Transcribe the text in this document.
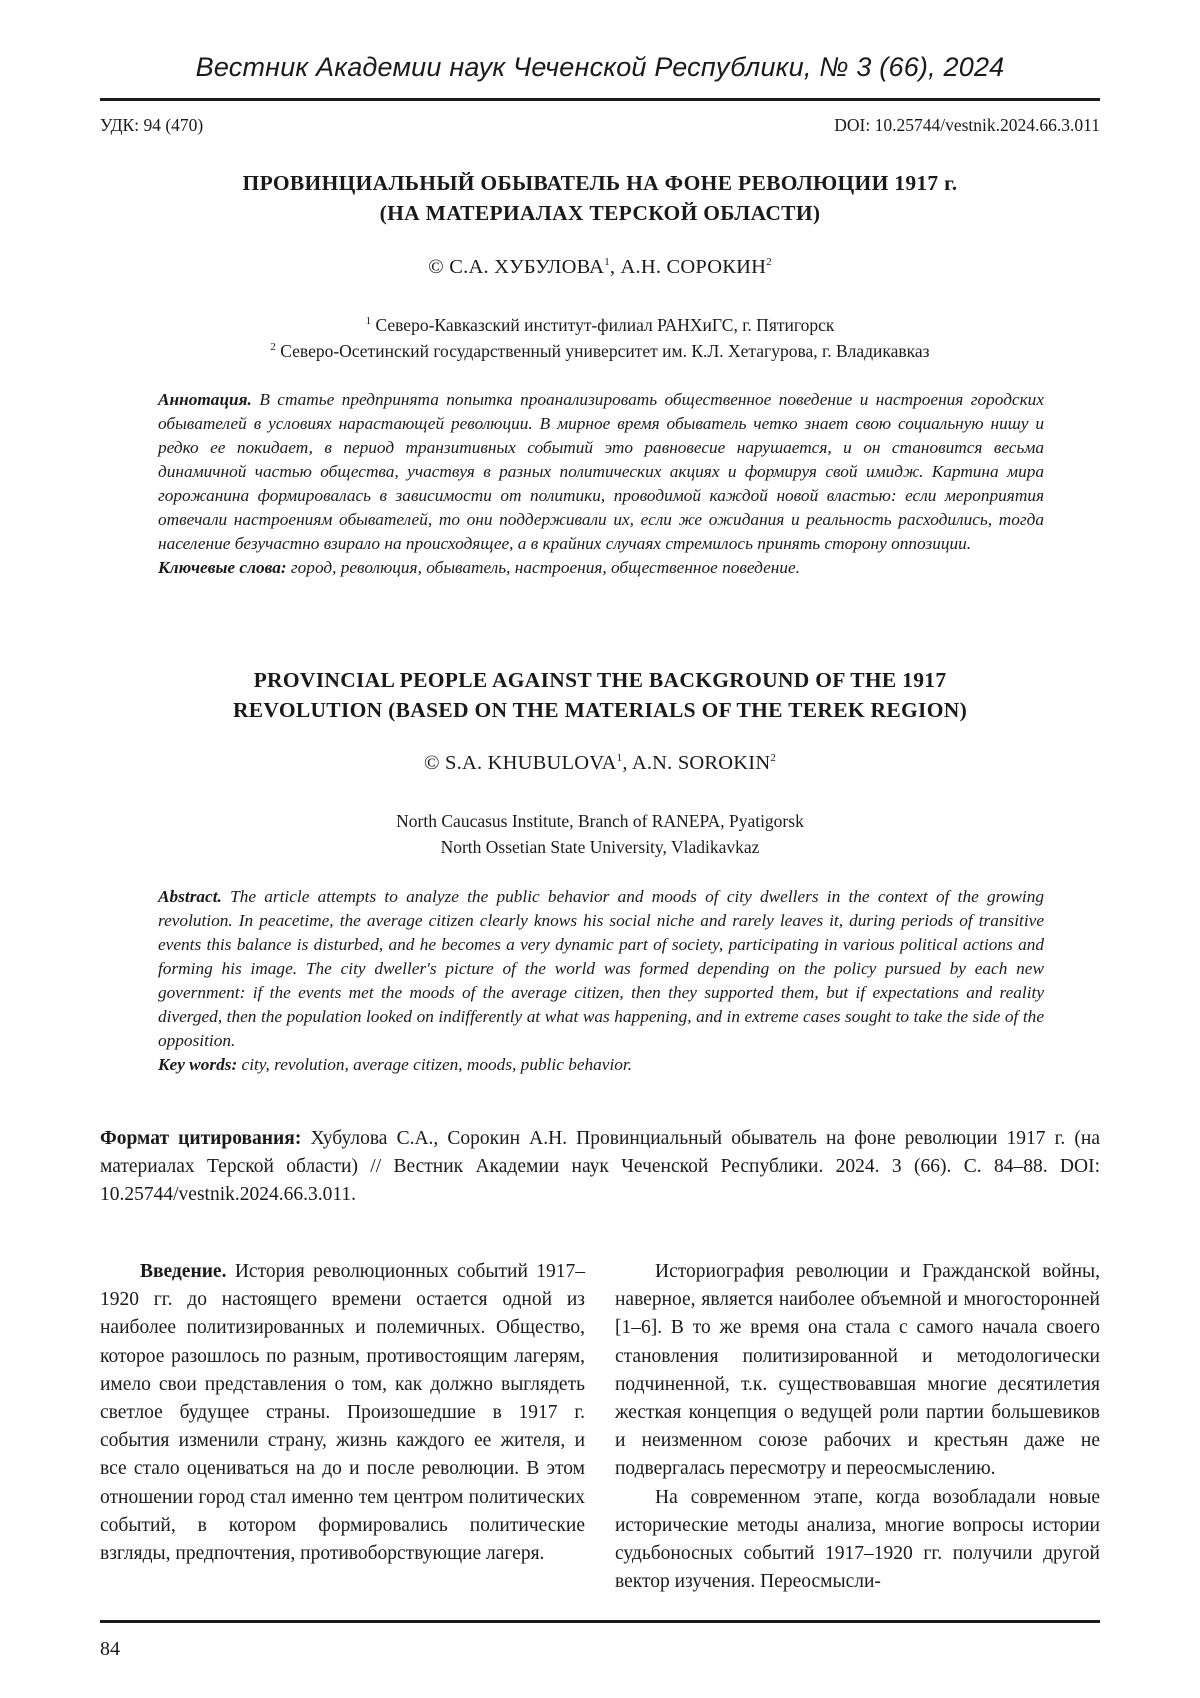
Вестник Академии наук Чеченской Республики, № 3 (66), 2024
УДК: 94 (470)	DOI: 10.25744/vestnik.2024.66.3.011
ПРОВИНЦИАЛЬНЫЙ ОБЫВАТЕЛЬ НА ФОНЕ РЕВОЛЮЦИИ 1917 г.
(НА МАТЕРИАЛАХ ТЕРСКОЙ ОБЛАСТИ)
© С.А. ХУБУЛОВА$^1$, А.Н. СОРОКИН$^2$
$^1$ Северо-Кавказский институт-филиал РАНХиГС, г. Пятигорск
$^2$ Северо-Осетинский государственный университет им. К.Л. Хетагурова, г. Владикавказ
Аннотация. В статье предпринята попытка проанализировать общественное поведение и настроения городских обывателей в условиях нарастающей революции. В мирное время обыватель четко знает свою социальную нишу и редко ее покидает, в период транзитивных событий это равновесие нарушается, и он становится весьма динамичной частью общества, участвуя в разных политических акциях и формируя свой имидж. Картина мира горожанина формировалась в зависимости от политики, проводимой каждой новой властью: если мероприятия отвечали настроениям обывателей, то они поддерживали их, если же ожидания и реальность расходились, тогда население безучастно взирало на происходящее, а в крайних случаях стремилось принять сторону оппозиции.
Ключевые слова: город, революция, обыватель, настроения, общественное поведение.
PROVINCIAL PEOPLE AGAINST THE BACKGROUND OF THE 1917
REVOLUTION (BASED ON THE MATERIALS OF THE TEREK REGION)
© S.A. KHUBULOVA$^1$, A.N. SOROKIN$^2$
North Caucasus Institute, Branch of RANEPA, Pyatigorsk
North Ossetian State University, Vladikavkaz
Abstract. The article attempts to analyze the public behavior and moods of city dwellers in the context of the growing revolution. In peacetime, the average citizen clearly knows his social niche and rarely leaves it, during periods of transitive events this balance is disturbed, and he becomes a very dynamic part of society, participating in various political actions and forming his image. The city dweller's picture of the world was formed depending on the policy pursued by each new government: if the events met the moods of the average citizen, then they supported them, but if expectations and reality diverged, then the population looked on indifferently at what was happening, and in extreme cases sought to take the side of the opposition.
Key words: city, revolution, average citizen, moods, public behavior.
Формат цитирования: Хубулова С.А., Сорокин А.Н. Провинциальный обыватель на фоне революции 1917 г. (на материалах Терской области) // Вестник Академии наук Чеченской Республики. 2024. 3 (66). С. 84–88. DOI: 10.25744/vestnik.2024.66.3.011.

Введение. История революционных событий 1917–1920 гг. до настоящего времени остается одной из наиболее политизированных и полемичных. Общество, которое разошлось по разным, противостоящим лагерям, имело свои представления о том, как должно выглядеть светлое будущее страны. Произошедшие в 1917 г. события изменили страну, жизнь каждого ее жителя, и все стало оцениваться на до и после революции. В этом отношении город стал именно тем центром политических событий, в котором формировались политические взгляды, предпочтения, противоборствующие лагеря.

Историография революции и Гражданской войны, наверное, является наиболее объемной и многосторонней [1–6]. В то же время она стала с самого начала своего становления политизированной и методологически подчиненной, т.к. существовавшая многие десятилетия жесткая концепция о ведущей роли партии большевиков и неизменном союзе рабочих и крестьян даже не подвергалась пересмотру и переосмыслению.

На современном этапе, когда возобладали новые исторические методы анализа, многие вопросы истории судьбоносных событий 1917–1920 гг. получили другой вектор изучения. Переосмысли-

84
